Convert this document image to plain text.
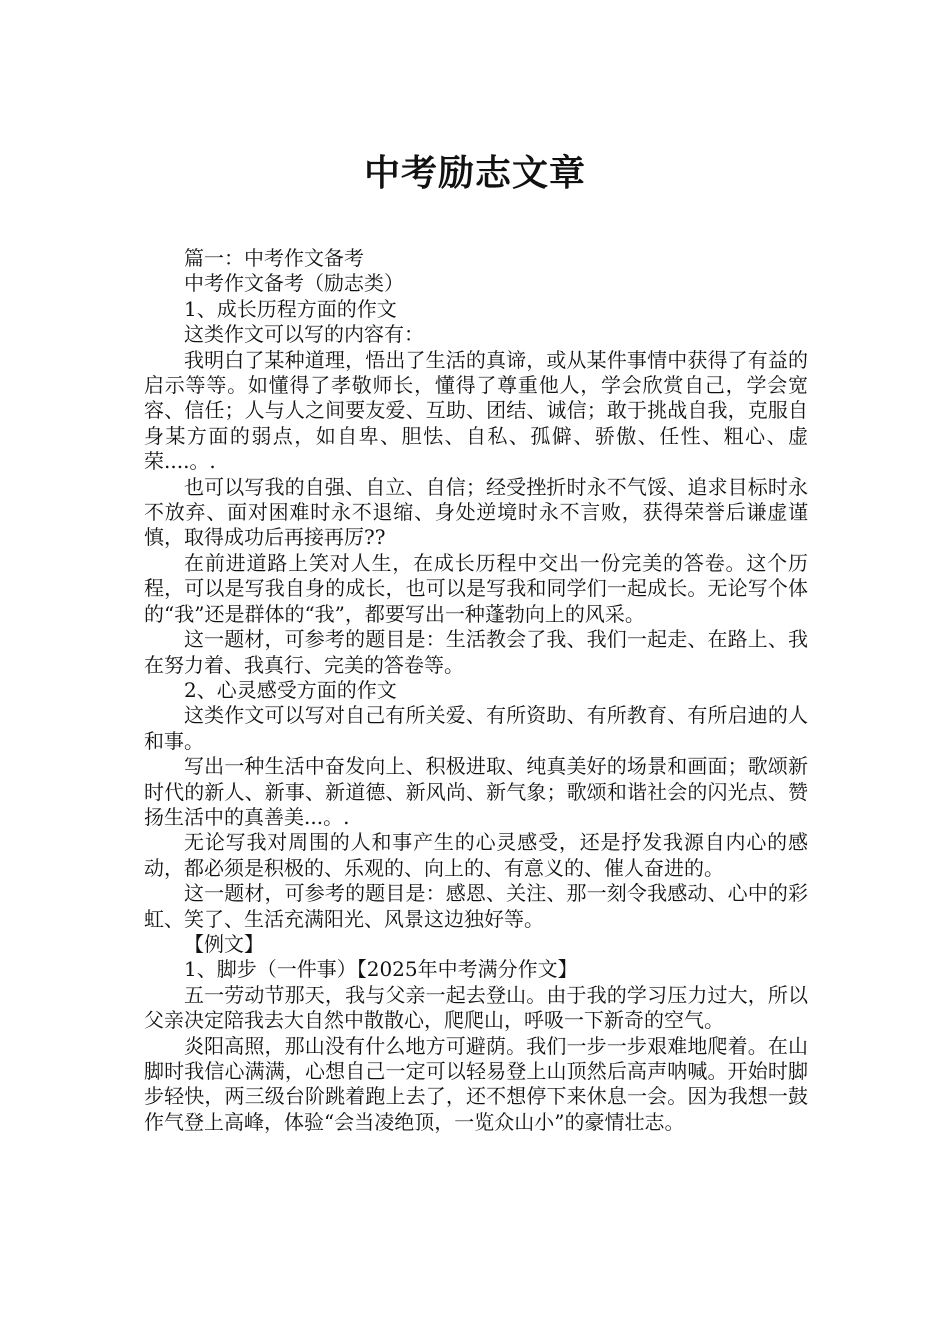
中考励志文章

篇一：中考作文备考

中考作文备考（励志类）

1、成长历程方面的作文

这类作文可以写的内容有：

我明白了某种道理，悟出了生活的真谛，或从某件事情中获得了有益的启示等等。如懂得了孝敬师长，懂得了尊重他人，学会欣赏自己，学会宽容、信任；人与人之间要友爱、互助、团结、诚信；敢于挑战自我，克服自身某方面的弱点，如自卑、胆怯、自私、孤僻、骄傲、任性、粗心、虚荣....。.

也可以写我的自强、自立、自信；经受挫折时永不气馁、追求目标时永不放弃、面对困难时永不退缩、身处逆境时永不言败，获得荣誉后谦虚谨慎，取得成功后再接再厉??

在前进道路上笑对人生，在成长历程中交出一份完美的答卷。这个历程，可以是写我自身的成长，也可以是写我和同学们一起成长。无论写个体的“我”还是群体的“我”，都要写出一种蓬勃向上的风采。

这一题材，可参考的题目是：生活教会了我、我们一起走、在路上、我在努力着、我真行、完美的答卷等。

2、心灵感受方面的作文

这类作文可以写对自己有所关爱、有所资助、有所教育、有所启迪的人和事。

写出一种生活中奋发向上、积极进取、纯真美好的场景和画面；歌颂新时代的新人、新事、新道德、新风尚、新气象；歌颂和谐社会的闪光点、赞扬生活中的真善美...。.

无论写我对周围的人和事产生的心灵感受，还是抒发我源自内心的感动，都必须是积极的、乐观的、向上的、有意义的、催人奋进的。

这一题材，可参考的题目是：感恩、关注、那一刻令我感动、心中的彩虹、笑了、生活充满阳光、风景这边独好等。

【例文】

1、脚步（一件事）【2025年中考满分作文】

五一劳动节那天，我与父亲一起去登山。由于我的学习压力过大，所以父亲决定陪我去大自然中散散心，爬爬山，呼吸一下新奇的空气。

炎阳高照，那山没有什么地方可避荫。我们一步一步艰难地爬着。在山脚时我信心满满，心想自己一定可以轻易登上山顶然后高声呐喊。开始时脚步轻快，两三级台阶跳着跑上去了，还不想停下来休息一会。因为我想一鼓作气登上高峰，体验“会当凌绝顶，一览众山小”的豪情壮志。
